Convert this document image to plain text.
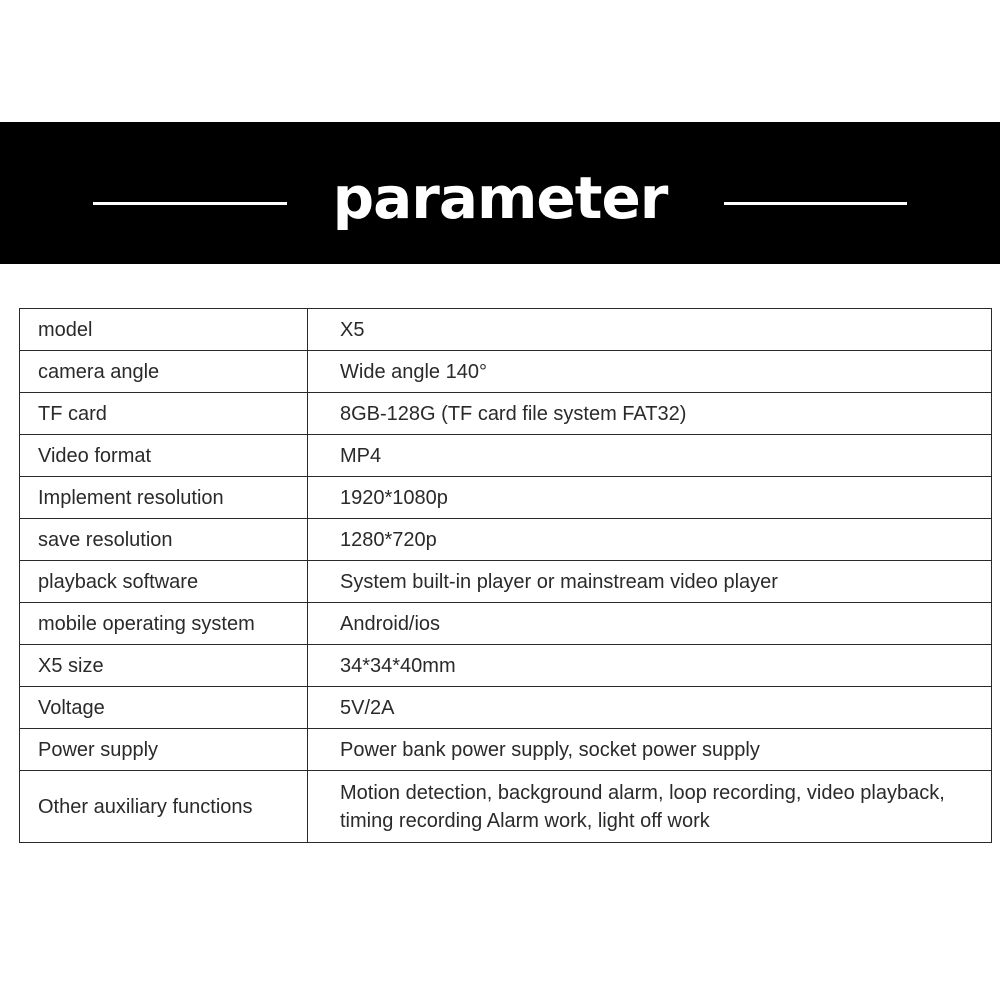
parameter
model	X5
camera angle	Wide angle 140°
TF card	8GB-128G (TF card file system FAT32)
Video format	MP4
Implement resolution	1920*1080p
save resolution	1280*720p
playback software	System built-in player or mainstream video player
mobile operating system	Android/ios
X5 size	34*34*40mm
Voltage	5V/2A
Power supply	Power bank power supply, socket power supply
Other auxiliary functions	Motion detection, background alarm, loop recording, video playback, timing recording Alarm work, light off work
